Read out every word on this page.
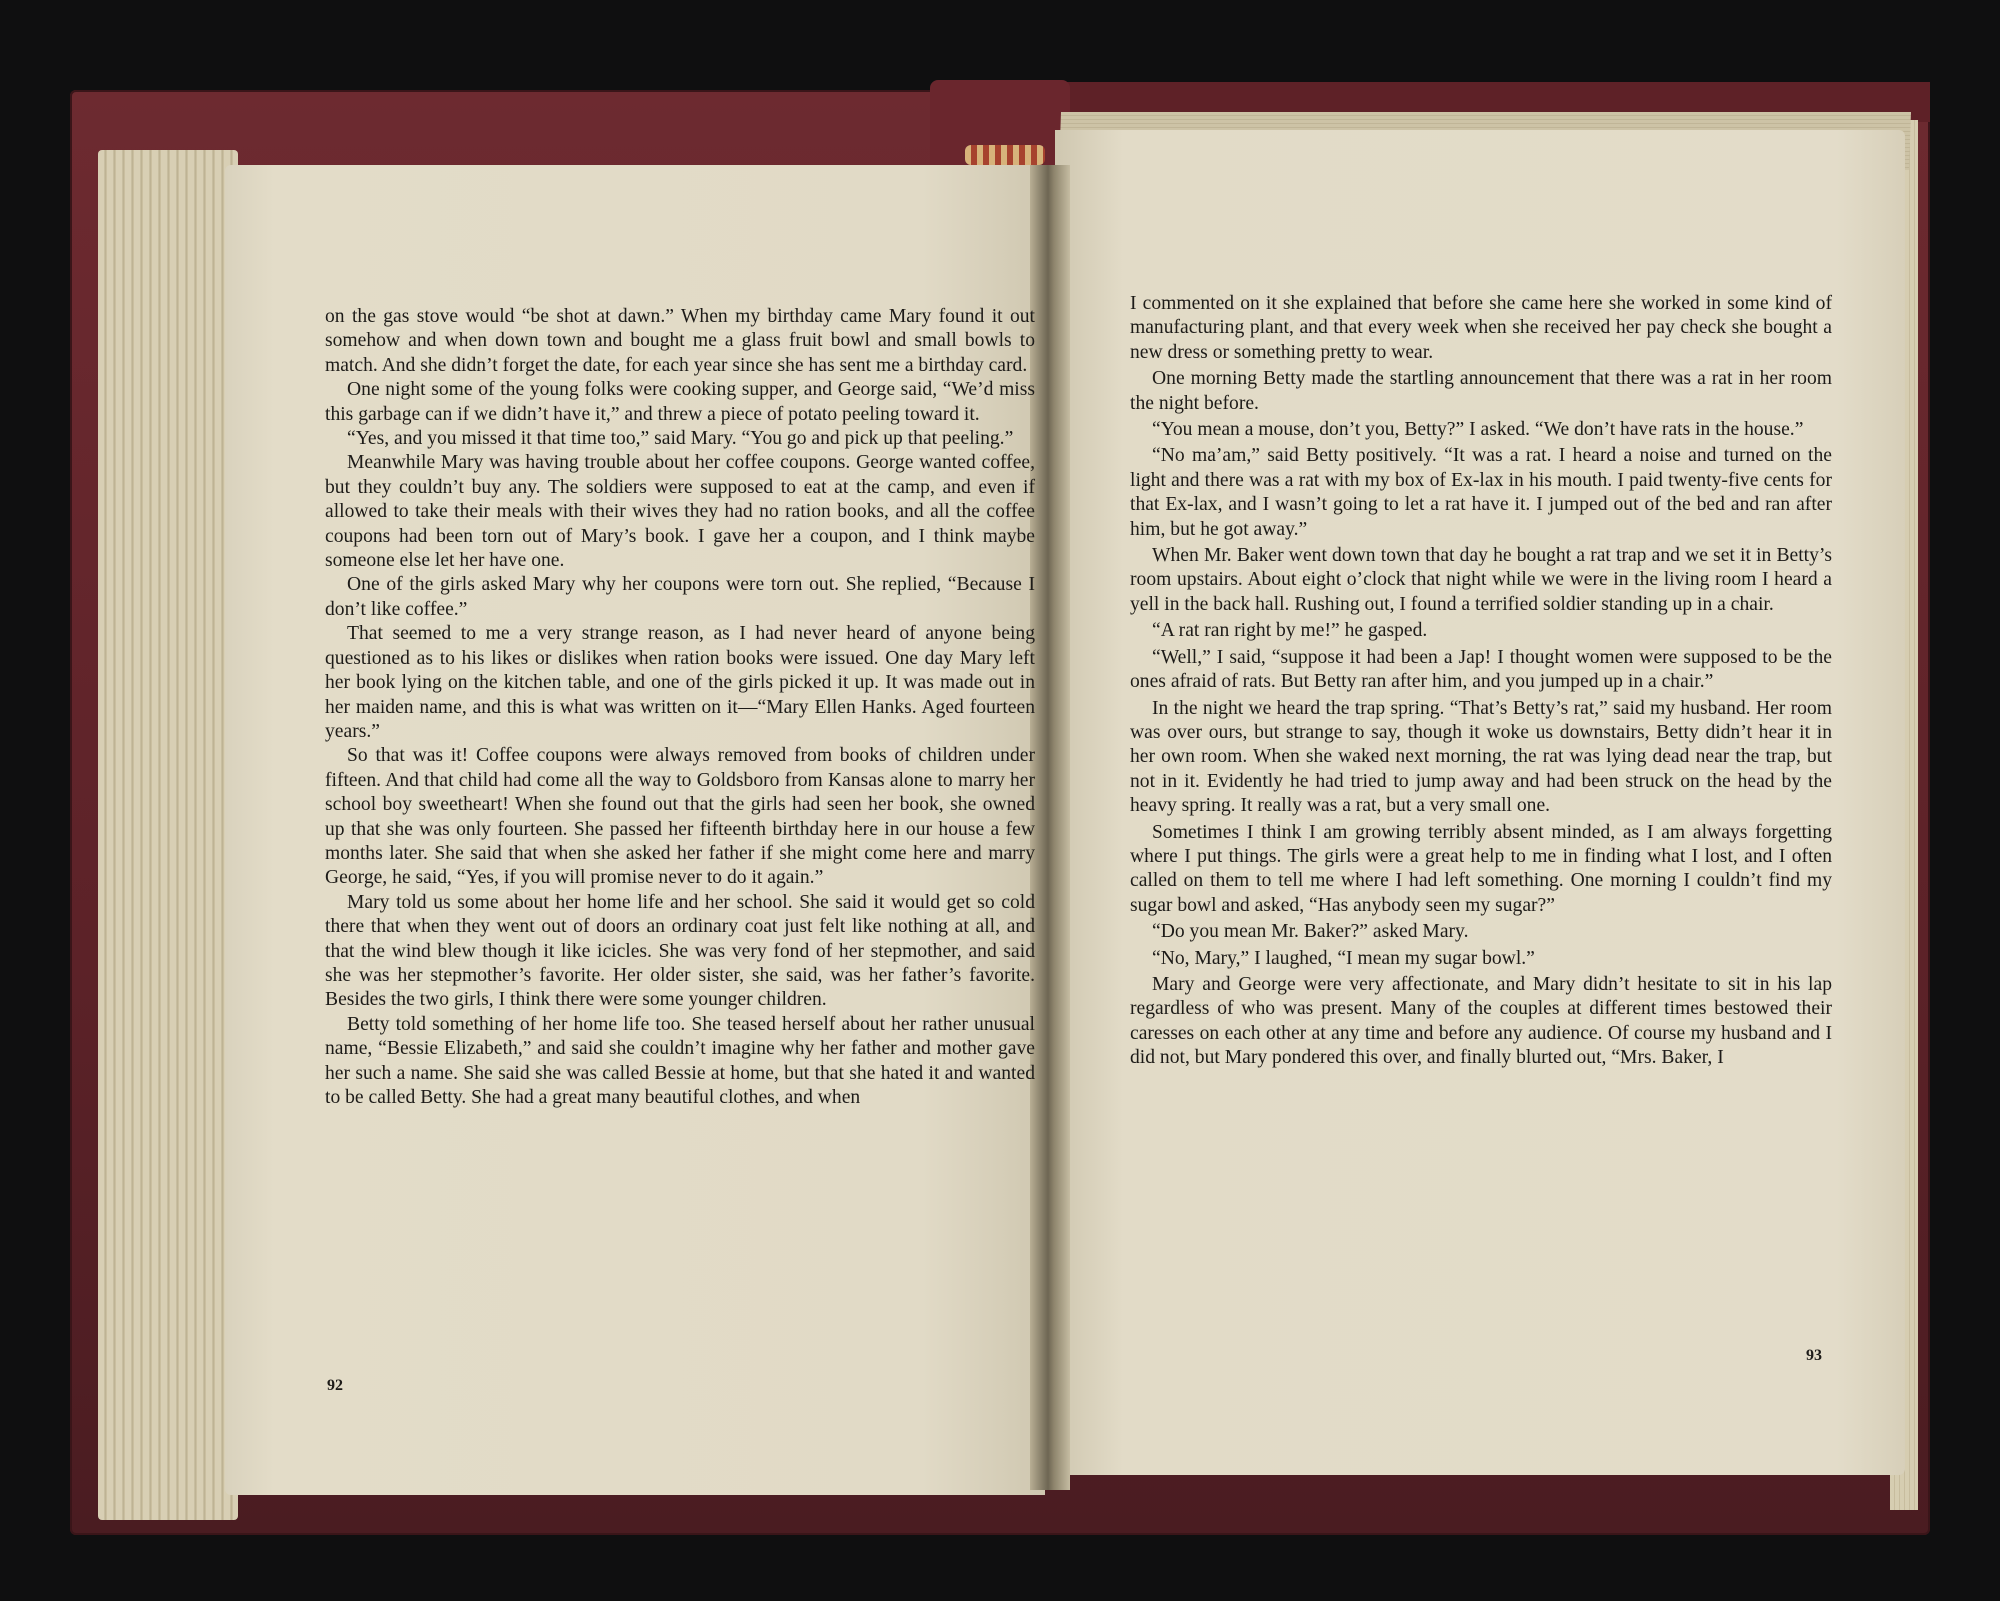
on the gas stove would “be shot at dawn.” When my birthday came Mary found it out somehow and when down town and bought me a glass fruit bowl and small bowls to match. And she didn’t forget the date, for each year since she has sent me a birthday card.

One night some of the young folks were cooking supper, and George said, “We’d miss this garbage can if we didn’t have it,” and threw a piece of potato peeling toward it.

“Yes, and you missed it that time too,” said Mary. “You go and pick up that peeling.”

Meanwhile Mary was having trouble about her coffee coupons. George wanted coffee, but they couldn’t buy any. The soldiers were supposed to eat at the camp, and even if allowed to take their meals with their wives they had no ration books, and all the coffee coupons had been torn out of Mary’s book. I gave her a coupon, and I think maybe someone else let her have one.

One of the girls asked Mary why her coupons were torn out. She replied, “Because I don’t like coffee.”

That seemed to me a very strange reason, as I had never heard of anyone being questioned as to his likes or dislikes when ration books were issued. One day Mary left her book lying on the kitchen table, and one of the girls picked it up. It was made out in her maiden name, and this is what was written on it—“Mary Ellen Hanks. Aged fourteen years.”

So that was it! Coffee coupons were always removed from books of children under fifteen. And that child had come all the way to Goldsboro from Kansas alone to marry her school boy sweetheart! When she found out that the girls had seen her book, she owned up that she was only fourteen. She passed her fifteenth birthday here in our house a few months later. She said that when she asked her father if she might come here and marry George, he said, “Yes, if you will promise never to do it again.”

Mary told us some about her home life and her school. She said it would get so cold there that when they went out of doors an ordinary coat just felt like nothing at all, and that the wind blew though it like icicles. She was very fond of her stepmother, and said she was her stepmother’s favorite. Her older sister, she said, was her father’s favorite. Besides the two girls, I think there were some younger children.

Betty told something of her home life too. She teased herself about her rather unusual name, “Bessie Elizabeth,” and said she couldn’t imagine why her father and mother gave her such a name. She said she was called Bessie at home, but that she hated it and wanted to be called Betty. She had a great many beautiful clothes, and when

92

I commented on it she explained that before she came here she worked in some kind of manufacturing plant, and that every week when she received her pay check she bought a new dress or something pretty to wear.

One morning Betty made the startling announcement that there was a rat in her room the night before.

“You mean a mouse, don’t you, Betty?” I asked. “We don’t have rats in the house.”

“No ma’am,” said Betty positively. “It was a rat. I heard a noise and turned on the light and there was a rat with my box of Ex-lax in his mouth. I paid twenty-five cents for that Ex-lax, and I wasn’t going to let a rat have it. I jumped out of the bed and ran after him, but he got away.”

When Mr. Baker went down town that day he bought a rat trap and we set it in Betty’s room upstairs. About eight o’clock that night while we were in the living room I heard a yell in the back hall. Rushing out, I found a terrified soldier standing up in a chair.

“A rat ran right by me!” he gasped.

“Well,” I said, “suppose it had been a Jap! I thought women were supposed to be the ones afraid of rats. But Betty ran after him, and you jumped up in a chair.”

In the night we heard the trap spring. “That’s Betty’s rat,” said my husband. Her room was over ours, but strange to say, though it woke us downstairs, Betty didn’t hear it in her own room. When she waked next morning, the rat was lying dead near the trap, but not in it. Evidently he had tried to jump away and had been struck on the head by the heavy spring. It really was a rat, but a very small one.

Sometimes I think I am growing terribly absent minded, as I am always forgetting where I put things. The girls were a great help to me in finding what I lost, and I often called on them to tell me where I had left something. One morning I couldn’t find my sugar bowl and asked, “Has anybody seen my sugar?”

“Do you mean Mr. Baker?” asked Mary.

“No, Mary,” I laughed, “I mean my sugar bowl.”

Mary and George were very affectionate, and Mary didn’t hesitate to sit in his lap regardless of who was present. Many of the couples at different times bestowed their caresses on each other at any time and before any audience. Of course my husband and I did not, but Mary pondered this over, and finally blurted out, “Mrs. Baker, I

93
